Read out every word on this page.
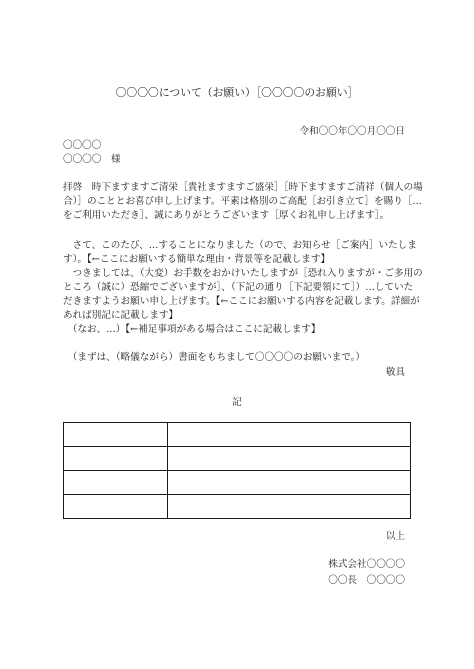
〇〇〇〇について（お願い）［〇〇〇〇のお願い］
令和〇〇年〇〇月〇〇日
〇〇〇〇
〇〇〇〇　様
拝啓　時下ますますご清栄［貴社ますますご盛栄］［時下ますますご清祥（個人の場
合）］のこととお喜び申し上げます。平素は格別のご高配［お引き立て］を賜り［…
をご利用いただき］、誠にありがとうございます［厚くお礼申し上げます］。
　さて、このたび、…することになりました（ので、お知らせ［ご案内］いたしま
す）。【←ここにお願いする簡単な理由・背景等を記載します】
　つきましては、（大変）お手数をおかけいたしますが［恐れ入りますが・ご多用の
ところ（誠に）恐縮でございますが］、（下記の通り［下記要領にて］）…していた
だきますようお願い申し上げます。【←ここにお願いする内容を記載します。詳細が
あれば別記に記載します】
　（なお、…）【←補足事項がある場合はここに記載します】
　（まずは、（略儀ながら）書面をもちまして〇〇〇〇のお願いまで。）
敬具
記

以上
株式会社〇〇〇〇
〇〇長　〇〇〇〇
